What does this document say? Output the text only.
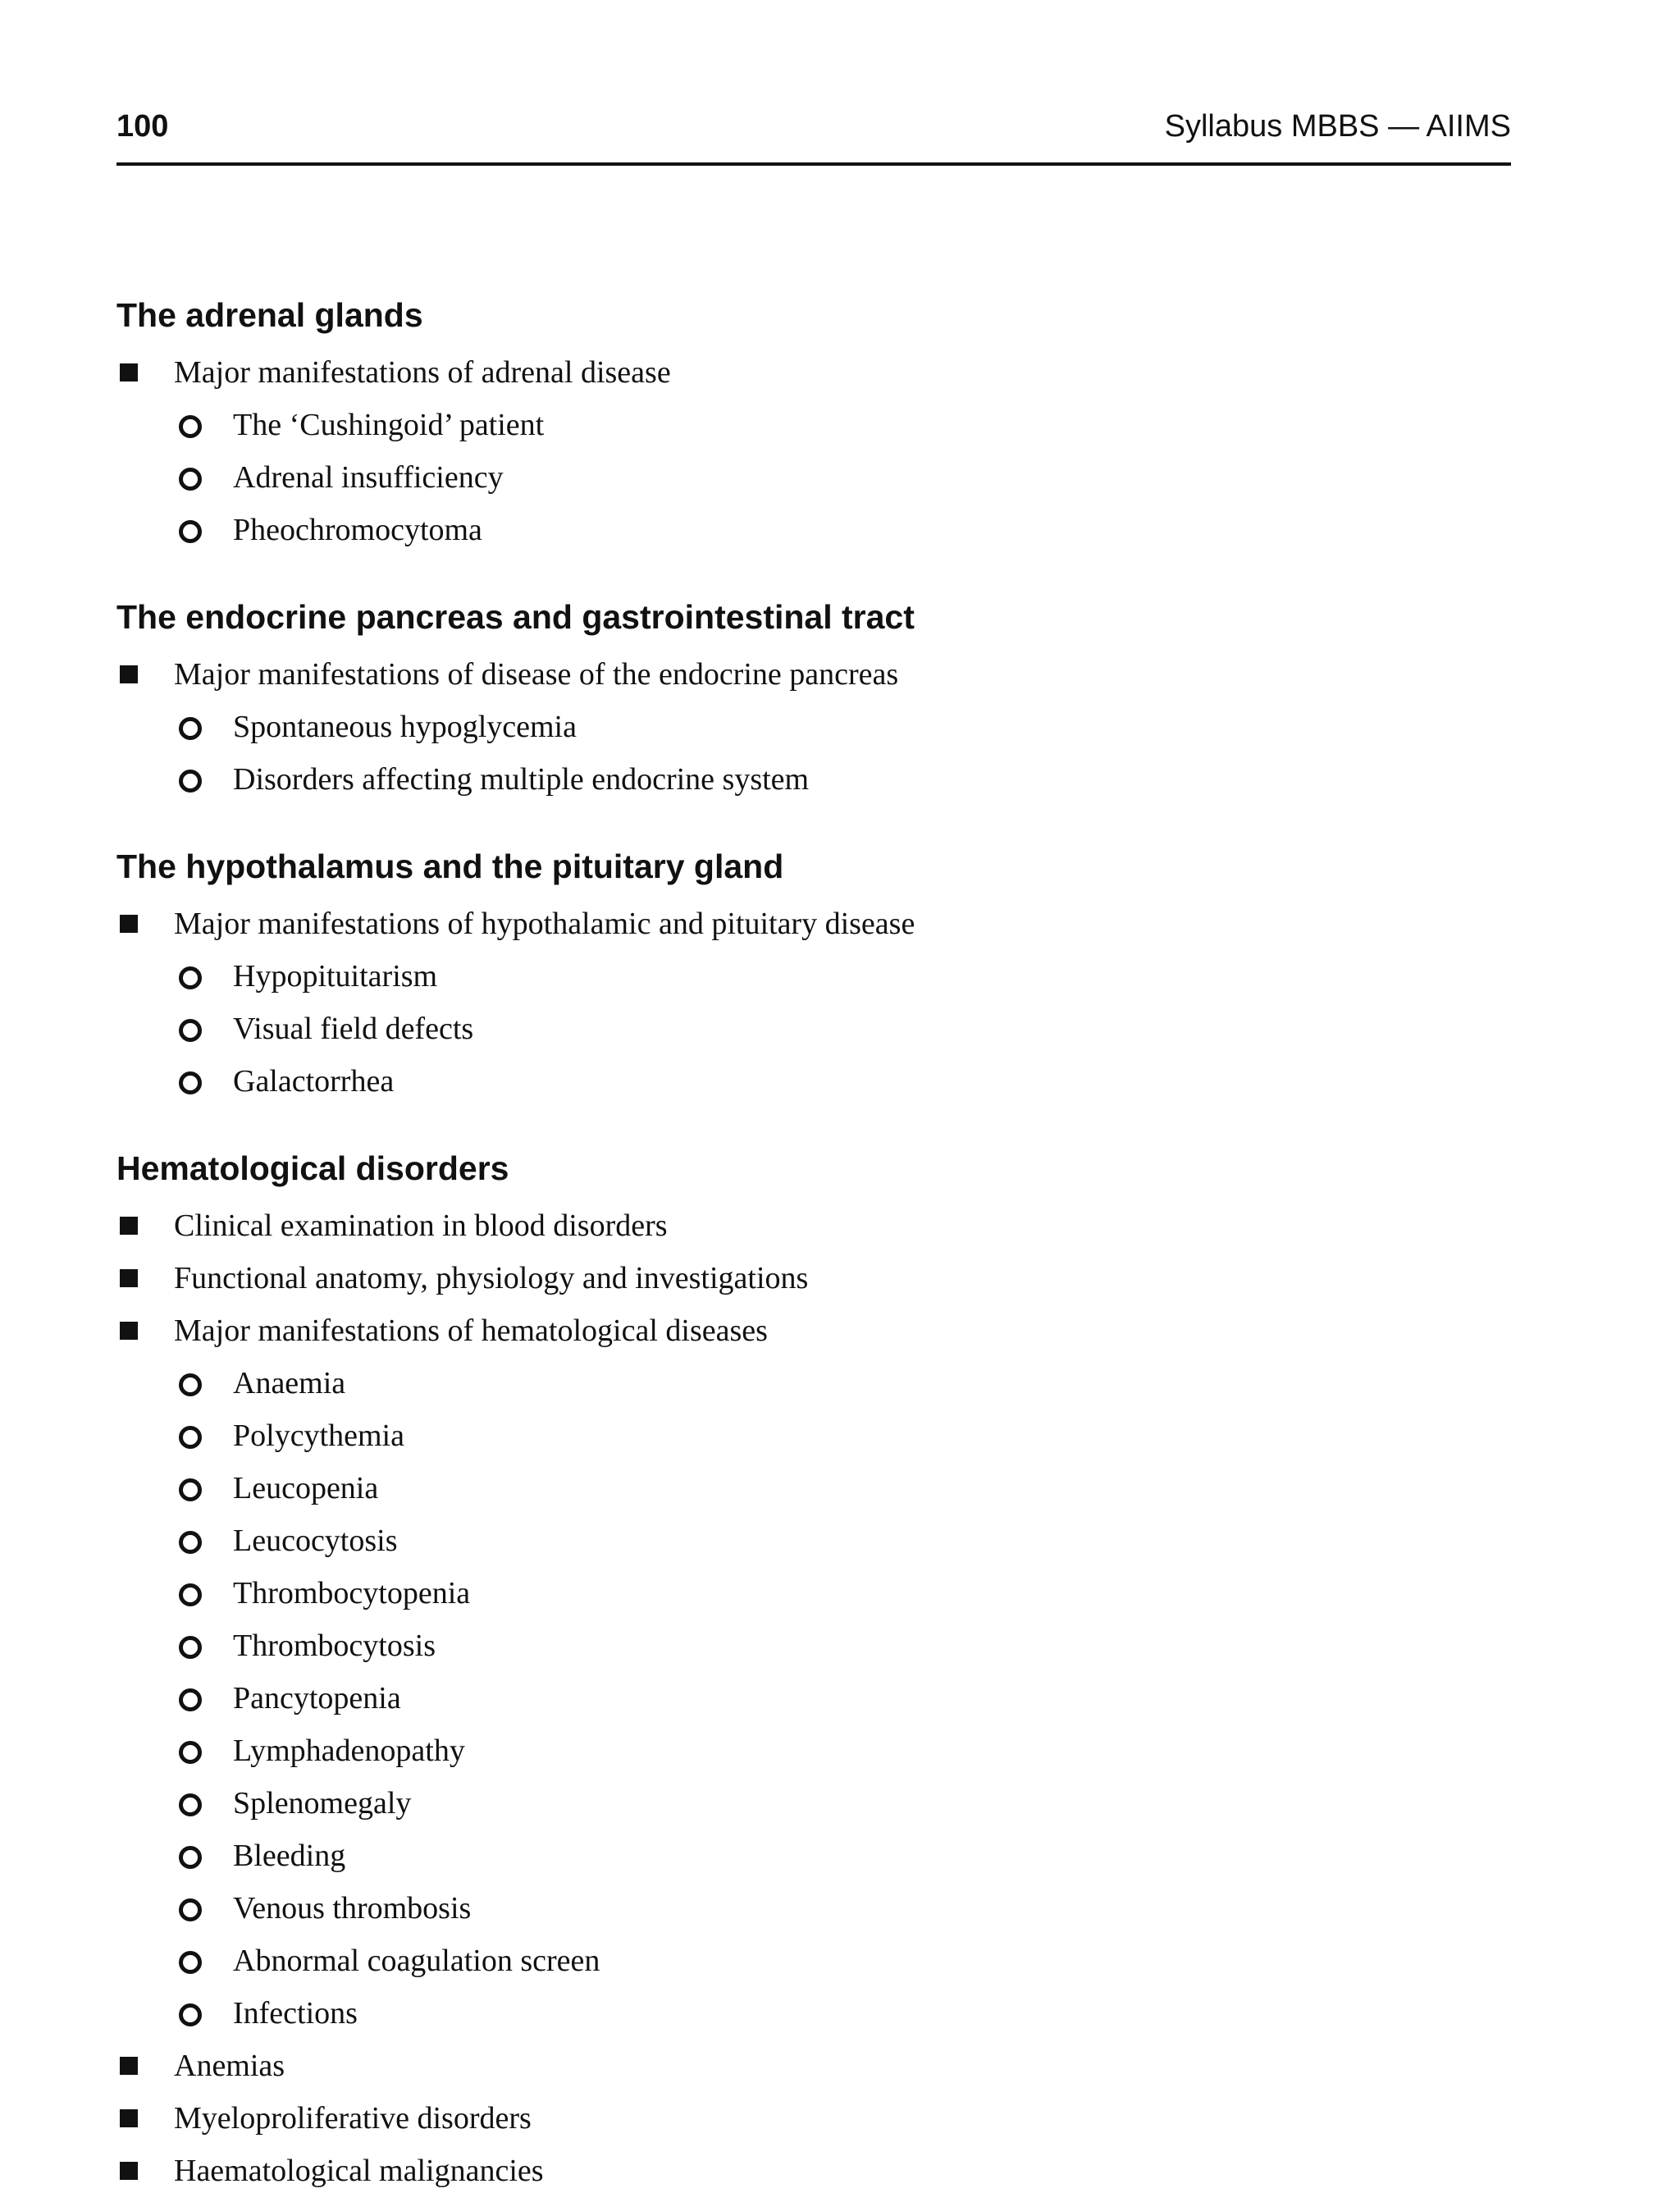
100	Syllabus MBBS — AIIMS
The adrenal glands
Major manifestations of adrenal disease
The ‘Cushingoid’ patient
Adrenal insufficiency
Pheochromocytoma
The endocrine pancreas and gastrointestinal tract
Major manifestations of disease of the endocrine pancreas
Spontaneous hypoglycemia
Disorders affecting multiple endocrine system
The hypothalamus and the pituitary gland
Major manifestations of hypothalamic and pituitary disease
Hypopituitarism
Visual field defects
Galactorrhea
Hematological disorders
Clinical examination in blood disorders
Functional anatomy, physiology and investigations
Major manifestations of hematological diseases
Anaemia
Polycythemia
Leucopenia
Leucocytosis
Thrombocytopenia
Thrombocytosis
Pancytopenia
Lymphadenopathy
Splenomegaly
Bleeding
Venous thrombosis
Abnormal coagulation screen
Infections
Anemias
Myeloproliferative disorders
Haematological malignancies
